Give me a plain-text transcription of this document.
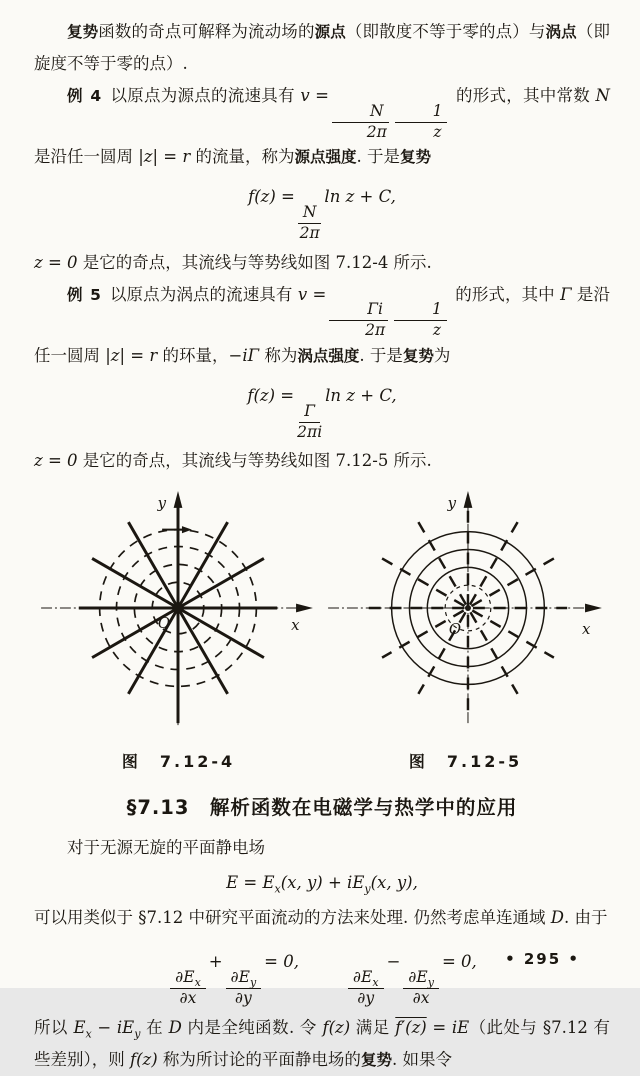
复势函数的奇点可解释为流动场的源点（即散度不等于零的点）与涡点（即旋度不等于零的点）.

例 4 以原点为源点的流速具有 v =
$\frac{N}{2\pi} \frac{1}{z}$
的形式，其中常数 N 是沿任一圆周 |z| = r 的流量，称为源点强度. 于是复势

f(z) =
$\frac{N}{2\pi}$
ln z + C,

z = 0 是它的奇点，其流线与等势线如图 7.12-4 所示.

例 5 以原点为涡点的流速具有 v =
$\frac{\Gamma i}{2\pi} \frac{1}{z}$
的形式，其中 Γ 是沿任一圆周 |z| = r 的环量，−iΓ 称为涡点强度. 于是复势为

f(z) =
$\frac{\Gamma}{2\pi i}$
ln z + C,

z = 0 是它的奇点，其流线与等势线如图 7.12-5 所示.

y
x
O
图　7.12-4
y
x
O
图　7.12-5

§7.13　解析函数在电磁学与热学中的应用

对于无源无旋的平面静电场

$E = E_x(x$, $y) + iE_y(x$, y),

可以用类似于 §7.12 中研究平面流动的方法来处理. 仍然考虑单连通域 D. 由于

$\frac{\partial E_x}{\partial x}$
+
$\frac{\partial E_y}{\partial y}$
= 0,
$\frac{\partial E_x}{\partial y}$
−
$\frac{\partial E_y}{\partial x}$
= 0,

所以 $E_x - iE_y$ 在 D 内是全纯函数. 令 f(z) 满足 f′(z) = iE（此处与 §7.12 有些差别），则 f(z) 称为所讨论的平面静电场的复势. 如果令

• 295 •
